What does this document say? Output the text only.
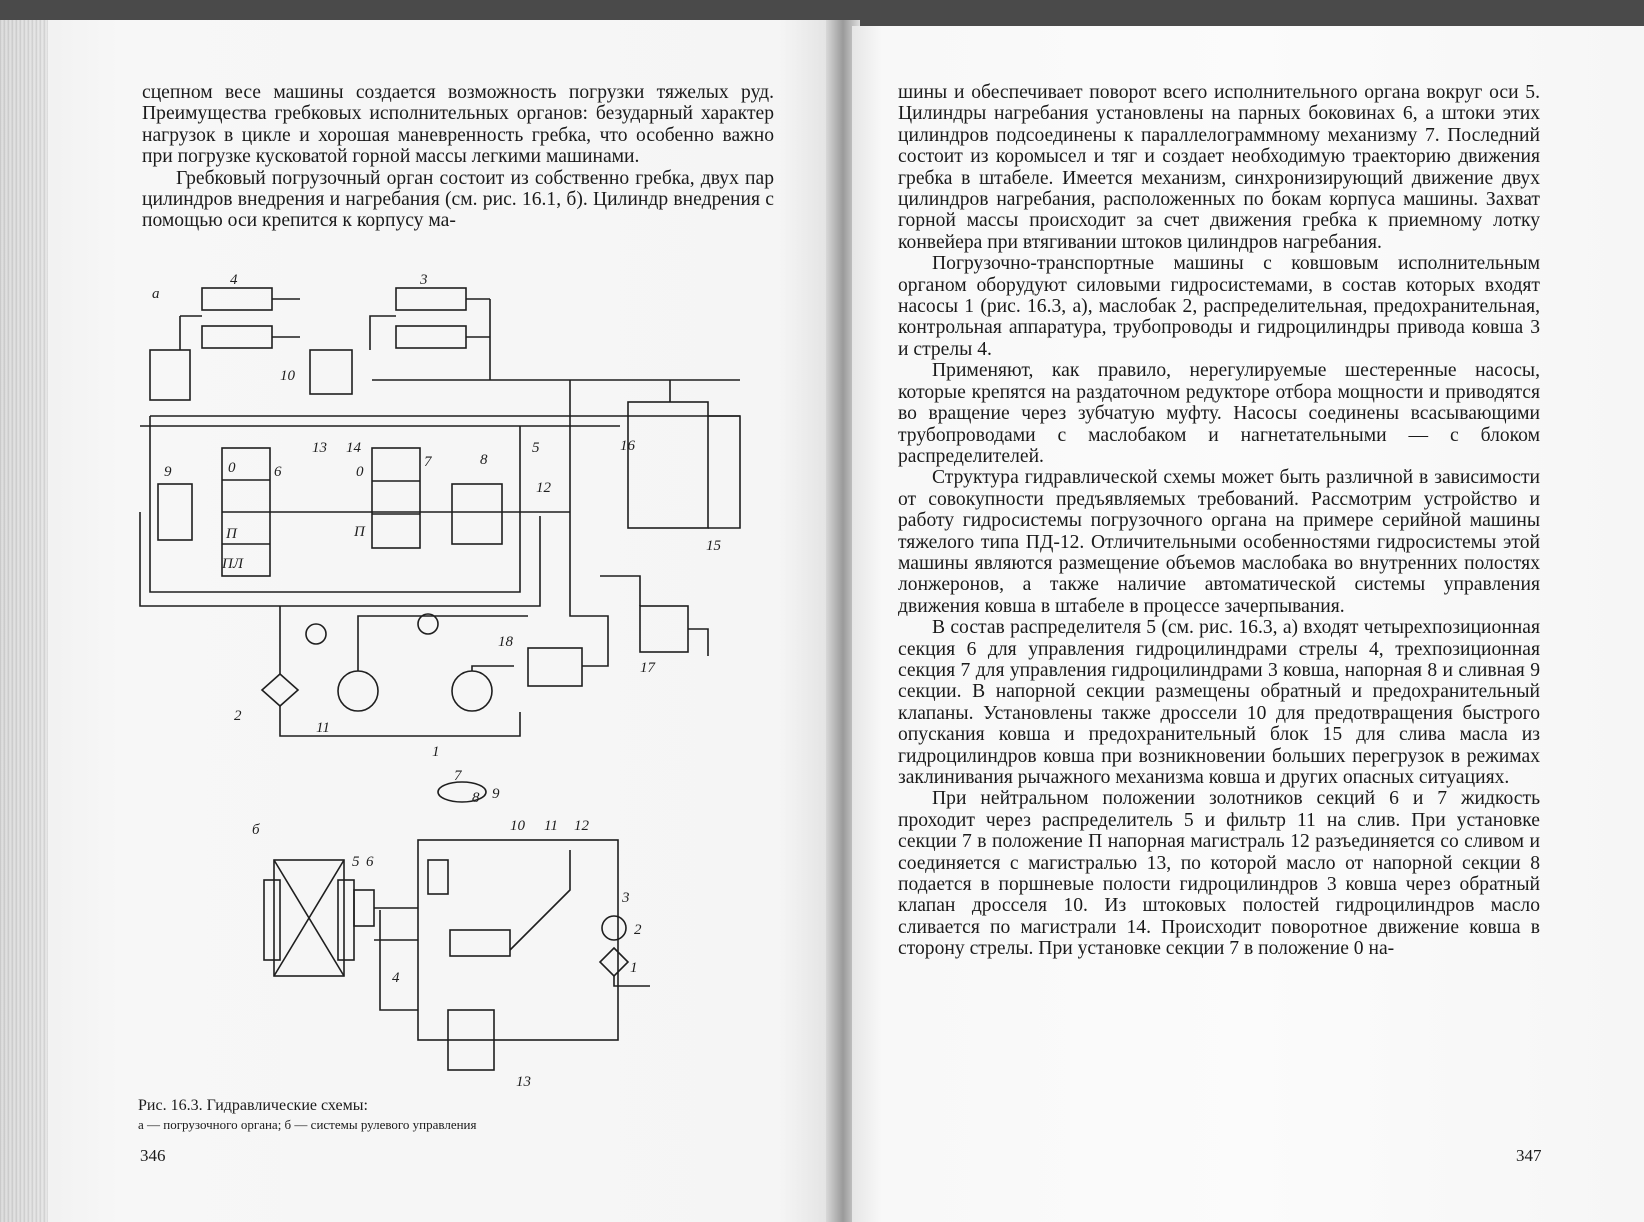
сцепном весе машины создается возможность погрузки тяжелых руд. Преимущества гребковых исполнительных органов: безударный характер нагрузок в цикле и хорошая маневренность гребка, что особенно важно при погрузке кусковатой горной массы легкими машинами.

Гребковый погрузочный орган состоит из собственно гребка, двух пар цилиндров внедрения и нагребания (см. рис. 16.1, б). Цилиндр внедрения с помощью оси крепится к корпусу ма-

а
4	3
10
0	6
13 14
0
7	8
5
9
12
П
ПЛ
П
16
15
18
17
11
1
2
б
7
8 9
10 11 12
5 6
3
2
1
4
13
Рис. 16.3. Гидравлические схемы:
а — погрузочного органа; б — системы рулевого управления
346

шины и обеспечивает поворот всего исполнительного органа вокруг оси 5. Цилиндры нагребания установлены на парных боковинах 6, а штоки этих цилиндров подсоединены к параллелограммному механизму 7. Последний состоит из коромысел и тяг и создает необходимую траекторию движения гребка в штабеле. Имеется механизм, синхронизирующий движение двух цилиндров нагребания, расположенных по бокам корпуса машины. Захват горной массы происходит за счет движения гребка к приемному лотку конвейера при втягивании штоков цилиндров нагребания.

Погрузочно-транспортные машины с ковшовым исполнительным органом оборудуют силовыми гидросистемами, в состав которых входят насосы 1 (рис. 16.3, а), маслобак 2, распределительная, предохранительная, контрольная аппаратура, трубопроводы и гидроцилиндры привода ковша 3 и стрелы 4.

Применяют, как правило, нерегулируемые шестеренные насосы, которые крепятся на раздаточном редукторе отбора мощности и приводятся во вращение через зубчатую муфту. Насосы соединены всасывающими трубопроводами с маслобаком и нагнетательными — с блоком распределителей.

Структура гидравлической схемы может быть различной в зависимости от совокупности предъявляемых требований. Рассмотрим устройство и работу гидросистемы погрузочного органа на примере серийной машины тяжелого типа ПД-12. Отличительными особенностями гидросистемы этой машины являются размещение объемов маслобака во внутренних полостях лонжеронов, а также наличие автоматической системы управления движения ковша в штабеле в процессе зачерпывания.

В состав распределителя 5 (см. рис. 16.3, а) входят четырехпозиционная секция 6 для управления гидроцилиндрами стрелы 4, трехпозиционная секция 7 для управления гидроцилиндрами 3 ковша, напорная 8 и сливная 9 секции. В напорной секции размещены обратный и предохранительный клапаны. Установлены также дроссели 10 для предотвращения быстрого опускания ковша и предохранительный блок 15 для слива масла из гидроцилиндров ковша при возникновении больших перегрузок в режимах заклинивания рычажного механизма ковша и других опасных ситуациях.

При нейтральном положении золотников секций 6 и 7 жидкость проходит через распределитель 5 и фильтр 11 на слив. При установке секции 7 в положение П напорная магистраль 12 разъединяется со сливом и соединяется с магистралью 13, по которой масло от напорной секции 8 подается в поршневые полости гидроцилиндров 3 ковша через обратный клапан дросселя 10. Из штоковых полостей гидроцилиндров масло сливается по магистрали 14. Происходит поворотное движение ковша в сторону стрелы. При установке секции 7 в положение 0 на-

347
